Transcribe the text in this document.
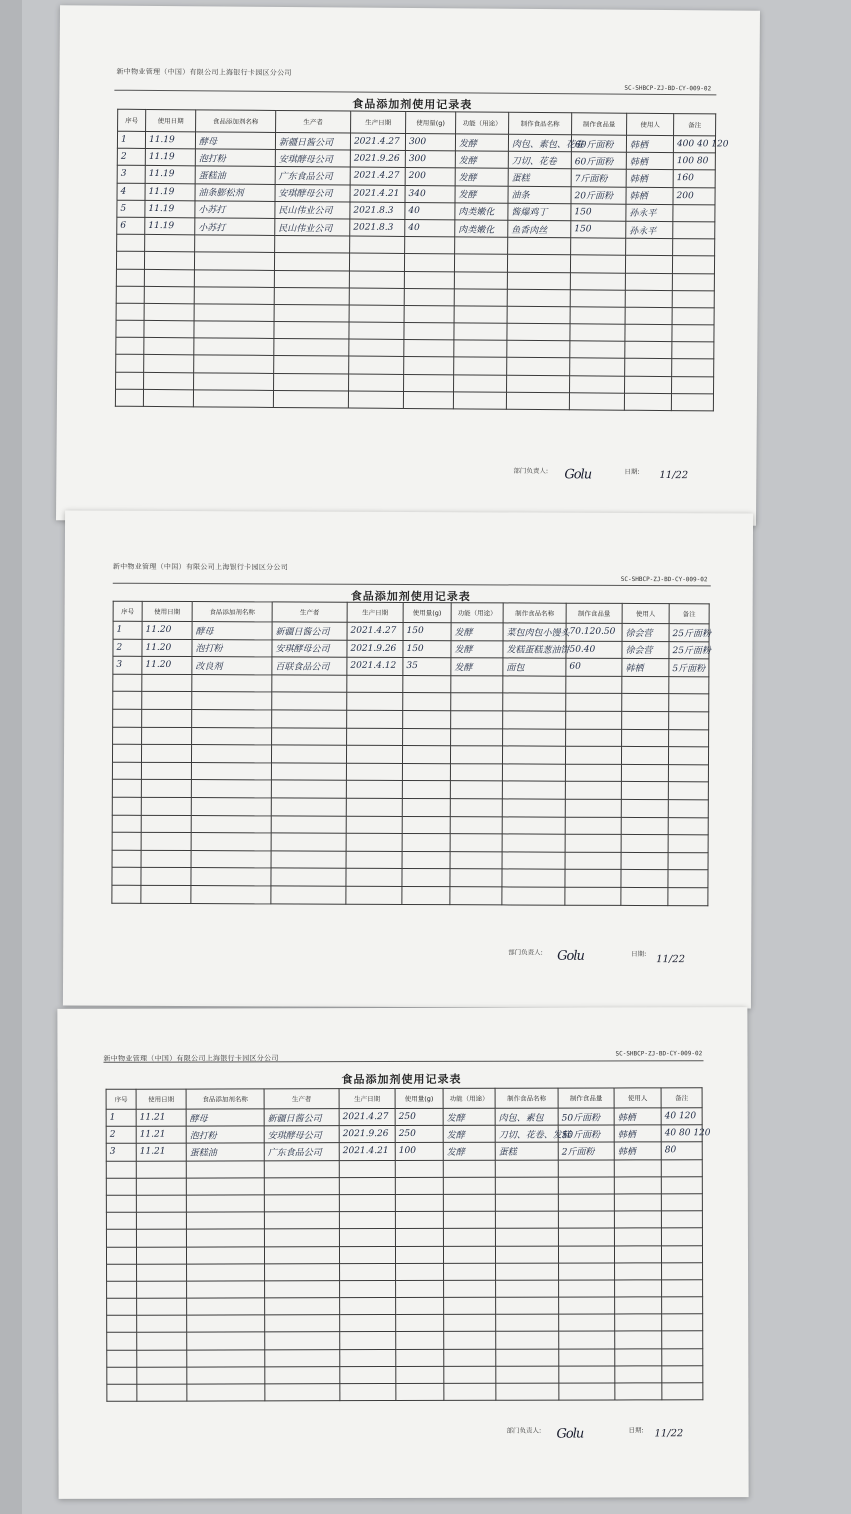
新中物业管理（中国）有限公司上海银行卡园区分公司
SC-SHBCP-ZJ-BD-CY-009-02
食品添加剂使用记录表
序号	使用日期	食品添加剂名称	生产者	生产日期	使用量(g)	功能（用途）	制作食品名称	制作食品量	使用人	备注
1	11.19	酵母	新疆日酱公司	2021.4.27	300	发酵	肉包、素包、花卷	60斤面粉	韩栖	400 40 120
2	11.19	泡打粉	安琪酵母公司	2021.9.26	300	发酵	刀切、花卷	60斤面粉	韩栖	100 80
3	11.19	蛋糕油	广东食品公司	2021.4.27	200	发酵	蛋糕	7斤面粉	韩栖	160
4	11.19	油条膨松剂	安琪酵母公司	2021.4.21	340	发酵	油条	20斤面粉	韩栖	200
5	11.19	小苏打	民山伟业公司	2021.8.3	40	肉类嫩化	酱爆鸡丁	150	孙永平	
6	11.19	小苏打	民山伟业公司	2021.8.3	40	肉类嫩化	鱼香肉丝	150	孙永平	

部门负责人: Golu	日期: 11/22
新中物业管理（中国）有限公司上海银行卡园区分公司
SC-SHBCP-ZJ-BD-CY-009-02
食品添加剂使用记录表
序号	使用日期	食品添加剂名称	生产者	生产日期	使用量(g)	功能（用途）	制作食品名称	制作食品量	使用人	备注
1	11.20	酵母	新疆日酱公司	2021.4.27	150	发酵	菜包肉包小馒头	70.120.50	徐会营	25斤面粉
2	11.20	泡打粉	安琪酵母公司	2021.9.26	150	发酵	发糕蛋糕葱油饼	50.40	徐会营	25斤面粉
3	11.20	改良剂	百联食品公司	2021.4.12	35	发酵	面包	60	韩栖	5斤面粉

部门负责人: Golu	日期:
11/22
新中物业管理（中国）有限公司上海银行卡园区分公司
SC-SHBCP-ZJ-BD-CY-009-02
食品添加剂使用记录表
序号	使用日期	食品添加剂名称	生产者	生产日期	使用量(g)	功能（用途）	制作食品名称	制作食品量	使用人	备注
1	11.21	酵母	新疆日酱公司	2021.4.27	250	发酵	肉包、素包	50斤面粉	韩栖	40 120
2	11.21	泡打粉	安琪酵母公司	2021.9.26	250	发酵	刀切、花卷、发糕	50斤面粉	韩栖	40 80 120
3	11.21	蛋糕油	广东食品公司	2021.4.21	100	发酵	蛋糕	2斤面粉	韩栖	80

部门负责人: Golu	日期: 11/22
